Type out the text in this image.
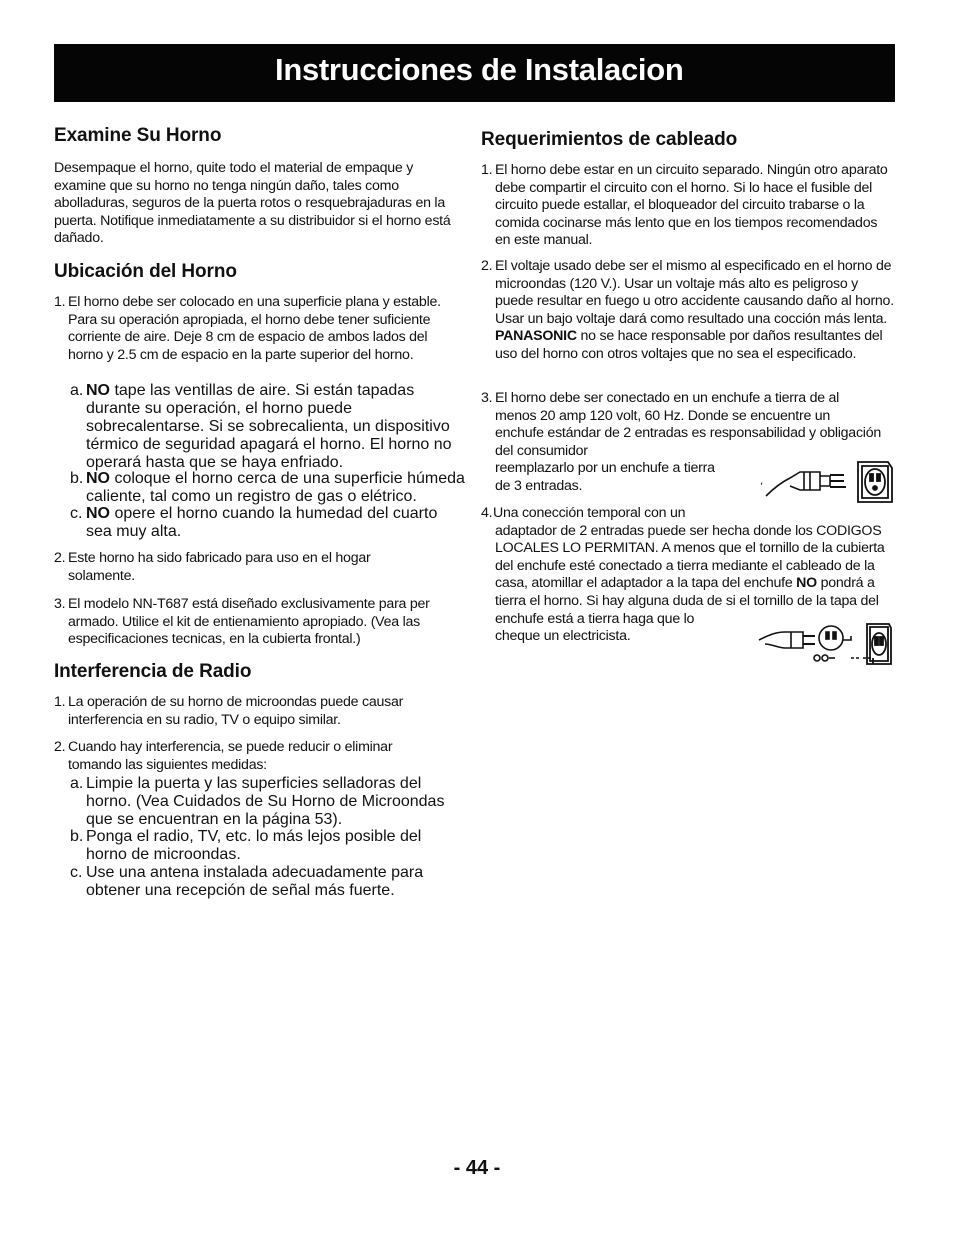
Instrucciones de Instalacion
Examine Su Horno

Desempaque el horno, quite todo el material de empaque y examine que su horno no tenga ningún daño, tales como abolladuras, seguros de la puerta rotos o resquebrajaduras en la puerta. Notifique inmediatamente a su distribuidor si el horno está dañado.

Ubicación del Horno
1. El horno debe ser colocado en una superficie plana y estable. Para su operación apropiada, el horno debe tener suficiente corriente de aire. Deje 8 cm de espacio de ambos lados del horno y 2.5 cm de espacio en la parte superior del horno.
a. NO tape las ventillas de aire. Si están tapadas durante su operación, el horno puede sobrecalentarse. Si se sobrecalienta, un dispositivo térmico de seguridad apagará el horno. El horno no operará hasta que se haya enfriado.
b. NO coloque el horno cerca de una superficie húmeda caliente, tal como un registro de gas o elétrico.
c. NO opere el horno cuando la humedad del cuarto sea muy alta.
2. Este horno ha sido fabricado para uso en el hogar solamente.
3. El modelo NN-T687 está diseñado exclusivamente para per armado. Utilice el kit de entienamiento apropiado. (Vea las especificaciones tecnicas, en la cubierta frontal.)
Interferencia de Radio
1. La operación de su horno de microondas puede causar interferencia en su radio, TV o equipo similar.
2. Cuando hay interferencia, se puede reducir o eliminar tomando las siguientes medidas:
a. Limpie la puerta y las superficies selladoras del horno. (Vea Cuidados de Su Horno de Microondas que se encuentran en la página 53).
b. Ponga el radio, TV, etc. lo más lejos posible del horno de microondas.
c. Use una antena instalada adecuadamente para obtener una recepción de señal más fuerte.
Requerimientos de cableado
1. El horno debe estar en un circuito separado. Ningún otro aparato debe compartir el circuito con el horno. Si lo hace el fusible del circuito puede estallar, el bloqueador del circuito trabarse o la comida cocinarse más lento que en los tiempos recomendados en este manual.
2. El voltaje usado debe ser el mismo al especificado en el horno de microondas (120 V.). Usar un voltaje más alto es peligroso y puede resultar en fuego u otro accidente causando daño al horno. Usar un bajo voltaje dará como resultado una cocción más lenta. PANASONIC no se hace responsable por daños resultantes del uso del horno con otros voltajes que no sea el especificado.
3. El horno debe ser conectado en un enchufe a tierra de al menos 20 amp 120 volt, 60 Hz. Donde se encuentre un enchufe estándar de 2 entradas es responsabilidad y obligación del consumidor
reemplazarlo por un enchufe a tierra
de 3 entradas.
4. Una conección temporal con un
adaptador de 2 entradas puede ser hecha donde los CODIGOS LOCALES LO PERMITAN. A menos que el tornillo de la cubierta del enchufe esté conectado a tierra mediante el cableado de la casa, atomillar el adaptador a la tapa del enchufe NO pondrá a tierra el horno. Si hay alguna duda de si el tornillo de la tapa del
enchufe está a tierra haga que lo
cheque un electricista.
,
- 44 -
